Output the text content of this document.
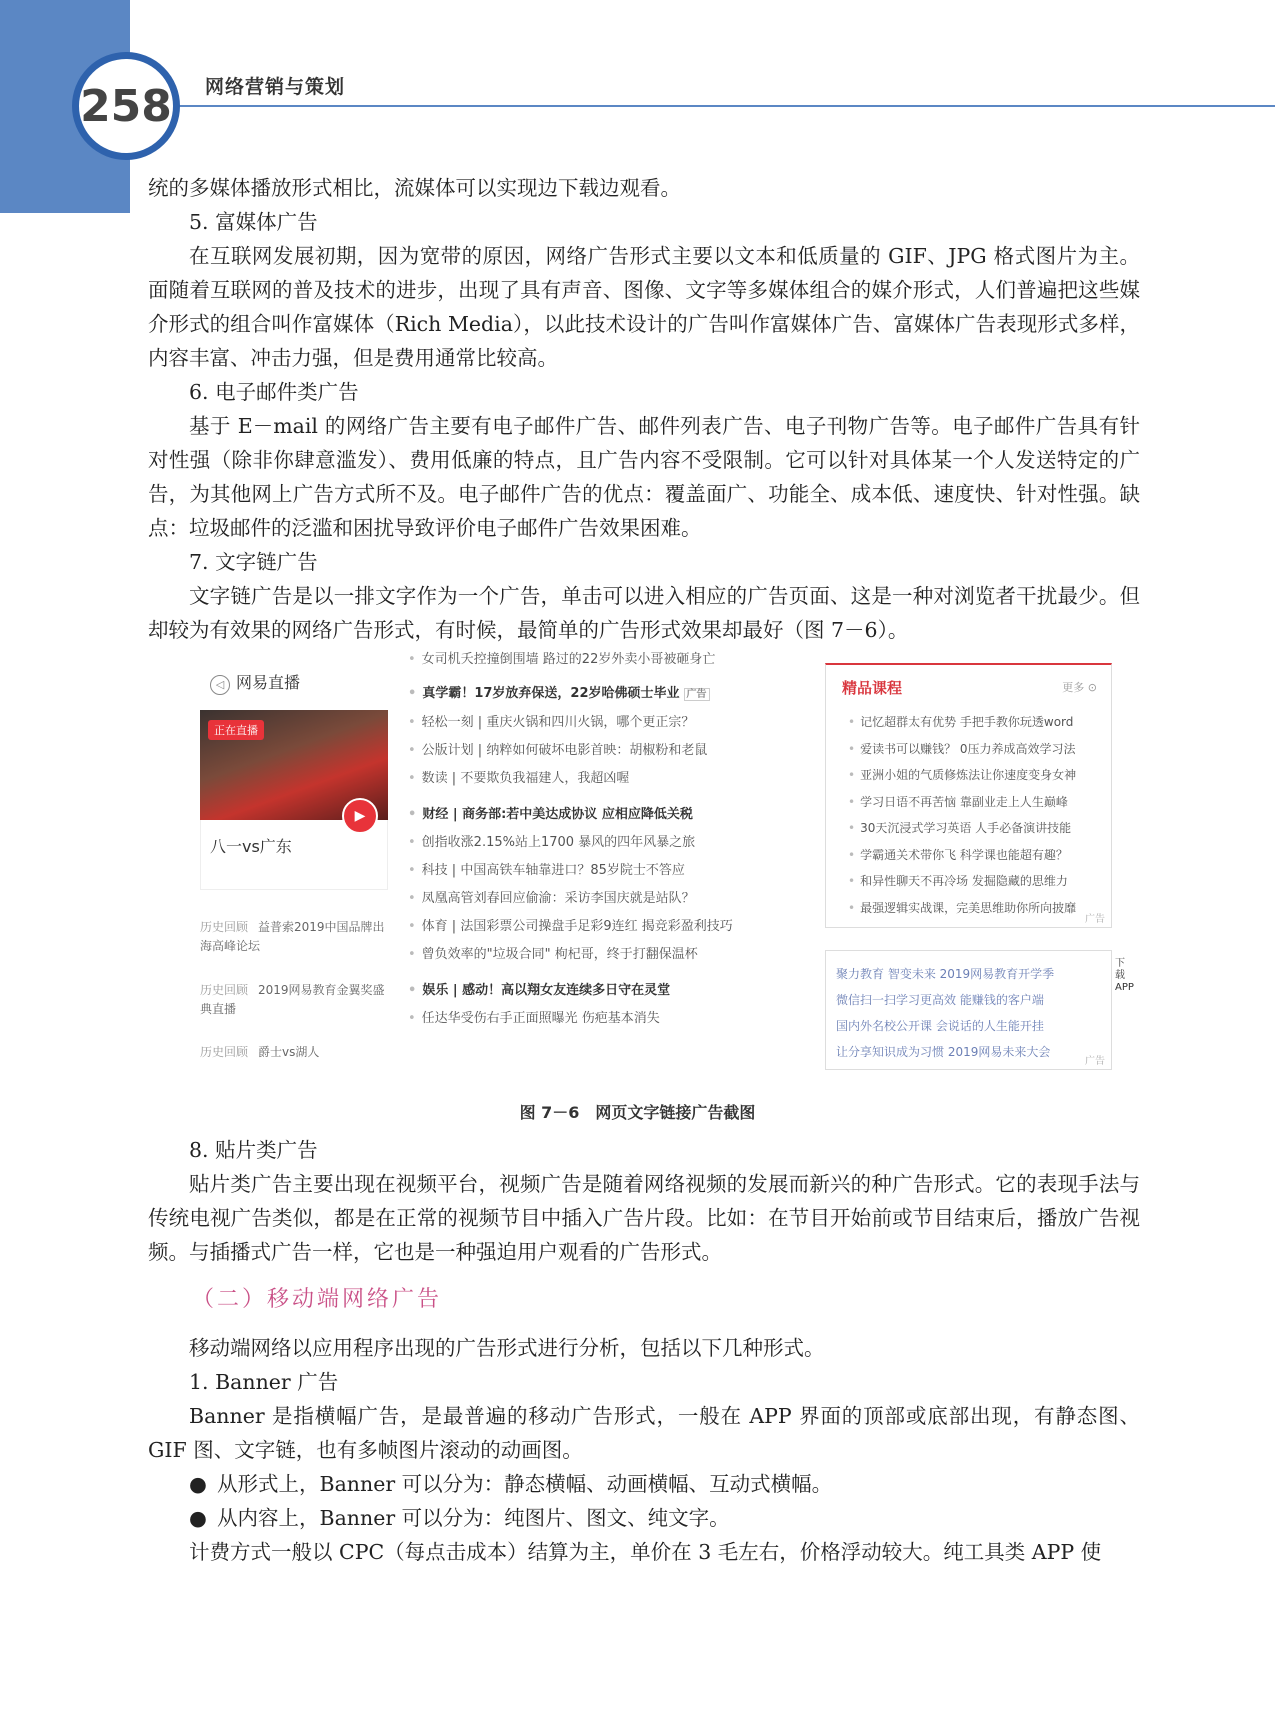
258	网络营销与策划

统的多媒体播放形式相比，流媒体可以实现边下载边观看。

5. 富媒体广告

在互联网发展初期，因为宽带的原因，网络广告形式主要以文本和低质量的 GIF、JPG 格式图片为主。面随着互联网的普及技术的进步，出现了具有声音、图像、文字等多媒体组合的媒介形式，人们普遍把这些媒介形式的组合叫作富媒体（Rich Media），以此技术设计的广告叫作富媒体广告、富媒体广告表现形式多样，内容丰富、冲击力强，但是费用通常比较高。

6. 电子邮件类广告

基于 E－mail 的网络广告主要有电子邮件广告、邮件列表广告、电子刊物广告等。电子邮件广告具有针对性强（除非你肆意滥发）、费用低廉的特点，且广告内容不受限制。它可以针对具体某一个人发送特定的广告，为其他网上广告方式所不及。电子邮件广告的优点：覆盖面广、功能全、成本低、速度快、针对性强。缺点：垃圾邮件的泛滥和困扰导致评价电子邮件广告效果困难。

7. 文字链广告

文字链广告是以一排文字作为一个广告，单击可以进入相应的广告页面、这是一种对浏览者干扰最少。但却较为有效果的网络广告形式，有时候，最简单的广告形式效果却最好（图 7－6）。

◁ 网易直播
正在直播
▶
八一vs广东
历史回顾 益普索2019中国品牌出海高峰论坛
历史回顾 2019网易教育金翼奖盛典直播
历史回顾 爵士vs湖人
• 女司机夭控撞倒围墙 路过的22岁外卖小哥被砸身亡
• 真学霸！17岁放弃保送，22岁哈佛硕士毕业 广告
• 轻松一刻 | 重庆火锅和四川火锅，哪个更正宗？
• 公版计划 | 纳粹如何破坏电影首映：胡椒粉和老鼠
• 数读 | 不要欺负我福建人，我超凶喔
• 财经 | 商务部:若中美达成协议 应相应降低关税
• 创指收涨2.15%站上1700 暴风的四年风暴之旅
• 科技 | 中国高铁车轴靠进口？85岁院士不答应
• 凤凰高管刘春回应偷渝：采访李国庆就是站队？
• 体育 | 法国彩票公司操盘手足彩9连红 揭竞彩盈利技巧
• 曾负效率的"垃圾合同" 枸杞哥，终于打翻保温杯
• 娱乐 | 感动！高以翔女友连续多日守在灵堂
• 任达华受伤右手正面照曝光 伤疤基本消失
精品课程	更多 ⊙
• 记忆超群太有优势 手把手教你玩透word
• 爱读书可以赚钱？ 0压力养成高效学习法
• 亚洲小姐的气质修炼法让你速度变身女神
• 学习日语不再苦恼 靠副业走上人生巅峰
• 30天沉浸式学习英语 人手必备演讲技能
• 学霸通关术带你飞 科学课也能超有趣？
• 和异性聊天不再冷场 发掘隐藏的思维力
• 最强逻辑实战课，完美思维助你所向披靡
广告
聚力教育 智变未来 2019网易教育开学季
微信扫一扫学习更高效 能赚钱的客户端
国内外名校公开课 会说话的人生能开挂
让分享知识成为习惯 2019网易未来大会
广告
下载APP
图 7－6　网页文字链接广告截图

8. 贴片类广告

贴片类广告主要出现在视频平台，视频广告是随着网络视频的发展而新兴的种广告形式。它的表现手法与传统电视广告类似，都是在正常的视频节目中插入广告片段。比如：在节目开始前或节目结束后，播放广告视频。与插播式广告一样，它也是一种强迫用户观看的广告形式。

（二）移动端网络广告

移动端网络以应用程序出现的广告形式进行分析，包括以下几种形式。

1. Banner 广告

Banner 是指横幅广告，是最普遍的移动广告形式，一般在 APP 界面的顶部或底部出现，有静态图、GIF 图、文字链，也有多帧图片滚动的动画图。

● 从形式上，Banner 可以分为：静态横幅、动画横幅、互动式横幅。

● 从内容上，Banner 可以分为：纯图片、图文、纯文字。

计费方式一般以 CPC（每点击成本）结算为主，单价在 3 毛左右，价格浮动较大。纯工具类 APP 使
